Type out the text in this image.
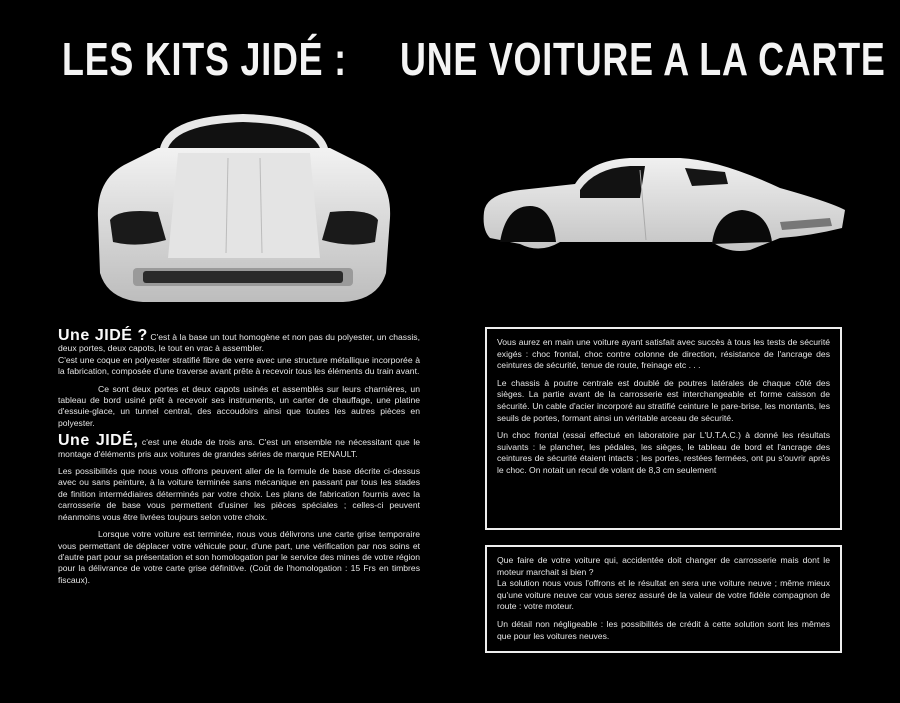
LES KITS JIDÉ : UNE VOITURE A LA CARTE

Une JIDÉ ? C'est à la base un tout homogène et non pas du polyester, un chassis, deux portes, deux capots, le tout en vrac à assembler.

C'est une coque en polyester stratifié fibre de verre avec une structure métallique incorporée à la fabrication, composée d'une traverse avant prête à recevoir tous les éléments du train avant.

Ce sont deux portes et deux capots usinés et assemblés sur leurs charnières, un tableau de bord usiné prêt à recevoir ses instruments, un carter de chauffage, une platine d'essuie-glace, un tunnel central, des accoudoirs ainsi que toutes les autres pièces en polyester.

Une JIDÉ, c'est une étude de trois ans. C'est un ensemble ne nécessitant que le montage d'éléments pris aux voitures de grandes séries de marque RENAULT.

Les possibilités que nous vous offrons peuvent aller de la formule de base décrite ci-dessus avec ou sans peinture, à la voiture terminée sans mécanique en passant par tous les stades de finition intermédiaires déterminés par votre choix. Les plans de fabrication fournis avec la carrosserie de base vous permettent d'usiner les pièces spéciales ; celles-ci peuvent néanmoins vous être livrées toujours selon votre choix.

Lorsque votre voiture est terminée, nous vous délivrons une carte grise temporaire vous permettant de déplacer votre véhicule pour, d'une part, une vérification par nos soins et d'autre part pour sa présentation et son homologation par le service des mines de votre région pour la délivrance de votre carte grise définitive. (Coût de l'homologation : 15 Frs en timbres fiscaux).

Vous aurez en main une voiture ayant satisfait avec succès à tous les tests de sécurité exigés : choc frontal, choc contre colonne de direction, résistance de l'ancrage des ceintures de sécurité, tenue de route, freinage etc . . .

Le chassis à poutre centrale est doublé de poutres latérales de chaque côté des sièges. La partie avant de la carrosserie est interchangeable et forme caisson de sécurité. Un cable d'acier incorporé au stratifié ceinture le pare-brise, les montants, les seuils de portes, formant ainsi un véritable arceau de sécurité.

Un choc frontal (essai effectué en laboratoire par L'U.T.A.C.) à donné les résultats suivants : le plancher, les pédales, les sièges, le tableau de bord et l'ancrage des ceintures de sécurité étaient intacts ; les portes, restées fermées, ont pu s'ouvrir après le choc. On notait un recul de volant de 8,3 cm seulement

Que faire de votre voiture qui, accidentée doit changer de carrosserie mais dont le moteur marchait si bien ?

La solution nous vous l'offrons et le résultat en sera une voiture neuve ; même mieux qu'une voiture neuve car vous serez assuré de la valeur de votre fidèle compagnon de route : votre moteur.

Un détail non négligeable : les possibilités de crédit à cette solution sont les mêmes que pour les voitures neuves.
